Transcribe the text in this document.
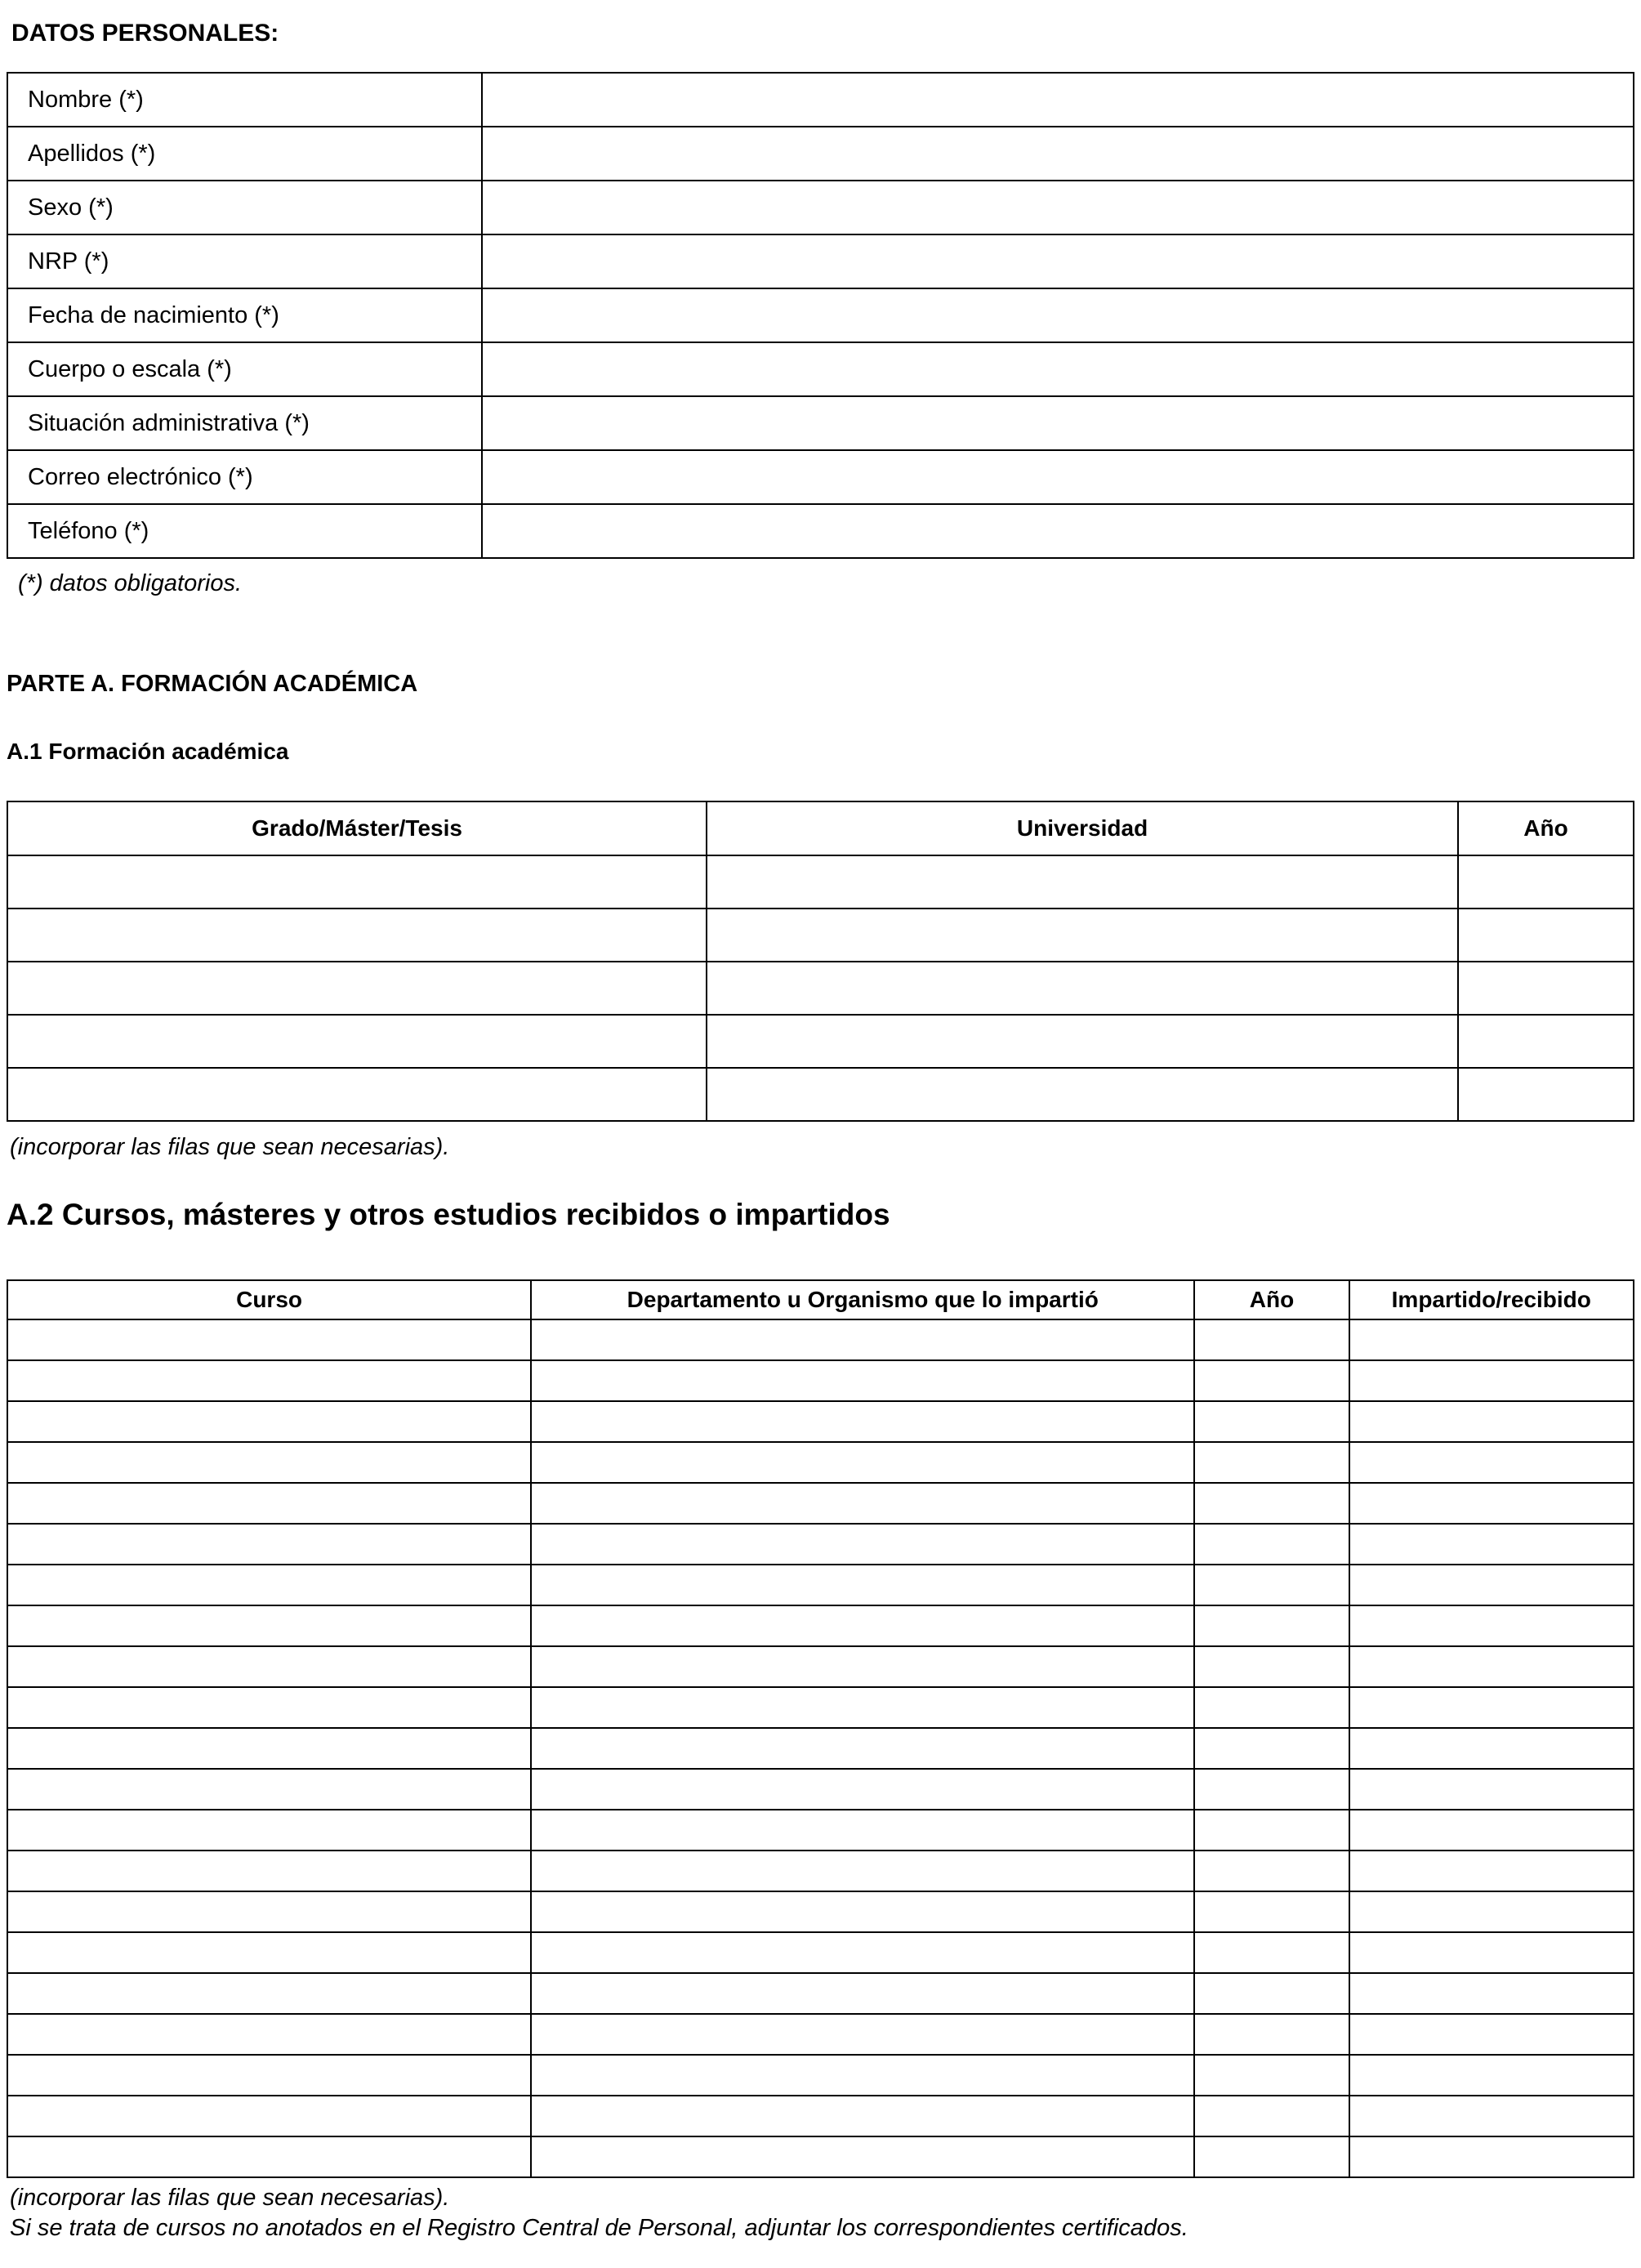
DATOS PERSONALES:
Nombre (*)	
Apellidos (*)	
Sexo (*)	
NRP (*)	
Fecha de nacimiento (*)	
Cuerpo o escala (*)	
Situación administrativa (*)	
Correo electrónico (*)	
Teléfono (*)	
(*) datos obligatorios.
PARTE A. FORMACIÓN ACADÉMICA
A.1 Formación académica
Grado/Máster/Tesis	Universidad	Año

(incorporar las filas que sean necesarias).
A.2 Cursos, másteres y otros estudios recibidos o impartidos
Curso	Departamento u Organismo que lo impartió	Año	Impartido/recibido

(incorporar las filas que sean necesarias).
Si se trata de cursos no anotados en el Registro Central de Personal, adjuntar los correspondientes certificados.
